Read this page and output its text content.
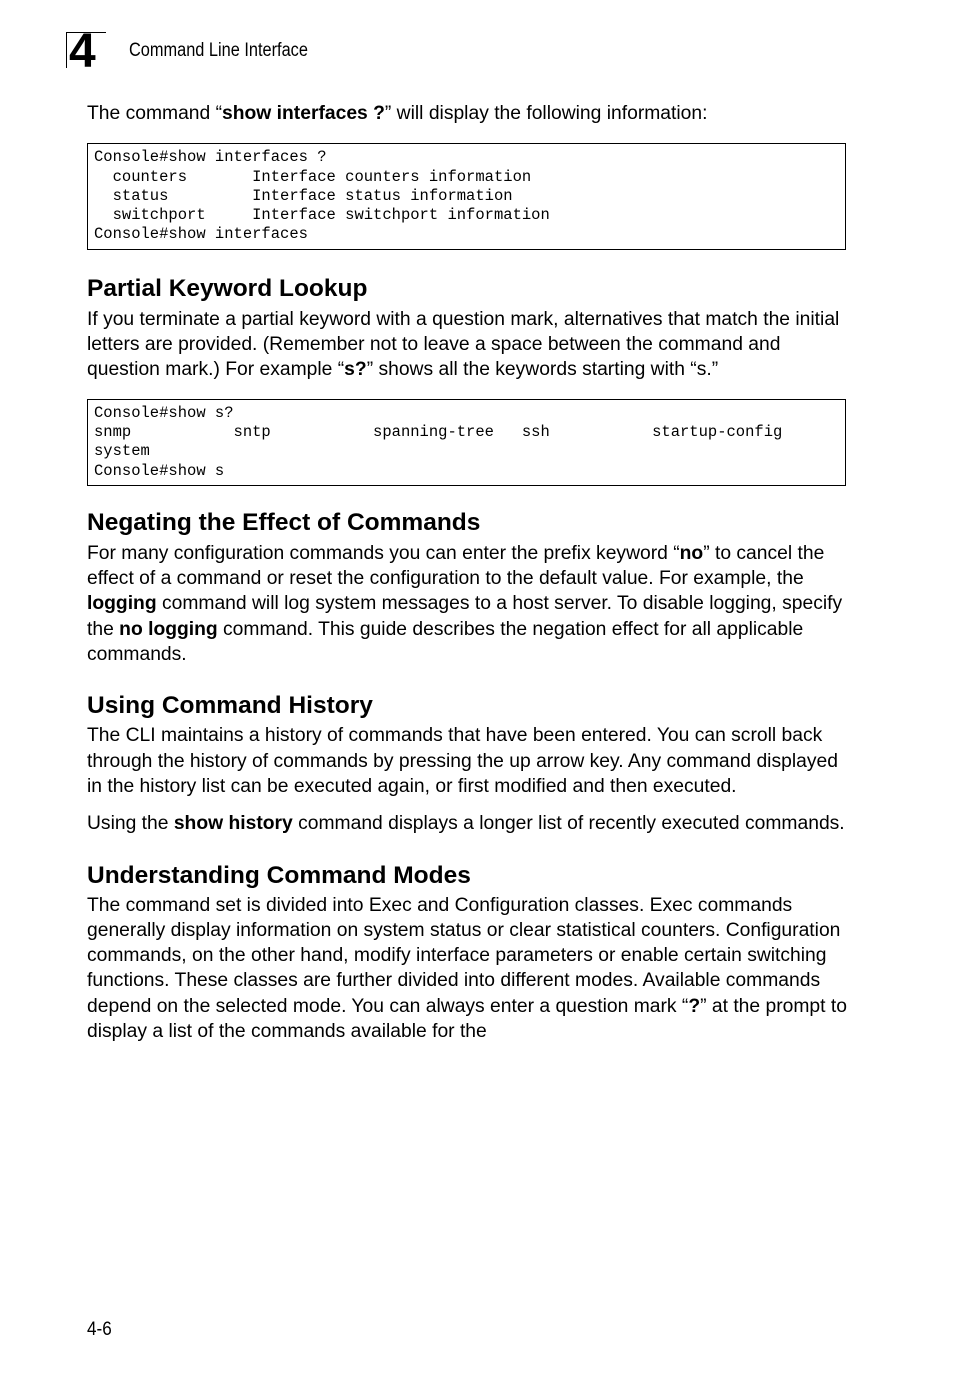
4 Command Line Interface

The command “show interfaces ?” will display the following information:

Console#show interfaces ?
counters       Interface counters information
status         Interface status information
switchport     Interface switchport information
Console#show interfaces
Partial Keyword Lookup

If you terminate a partial keyword with a question mark, alternatives that match the initial letters are provided. (Remember not to leave a space between the command and question mark.) For example “s?” shows all the keywords starting with “s.”

Console#show s?
snmp           sntp           spanning-tree   ssh           startup-config
system
Console#show s
Negating the Effect of Commands

For many configuration commands you can enter the prefix keyword “no” to cancel the effect of a command or reset the configuration to the default value. For example, the logging command will log system messages to a host server. To disable logging, specify the no logging command. This guide describes the negation effect for all applicable commands.

Using Command History

The CLI maintains a history of commands that have been entered. You can scroll back through the history of commands by pressing the up arrow key. Any command displayed in the history list can be executed again, or first modified and then executed.

Using the show history command displays a longer list of recently executed commands.

Understanding Command Modes

The command set is divided into Exec and Configuration classes. Exec commands generally display information on system status or clear statistical counters. Configuration commands, on the other hand, modify interface parameters or enable certain switching functions. These classes are further divided into different modes. Available commands depend on the selected mode. You can always enter a question mark “?” at the prompt to display a list of the commands available for the

4-6
